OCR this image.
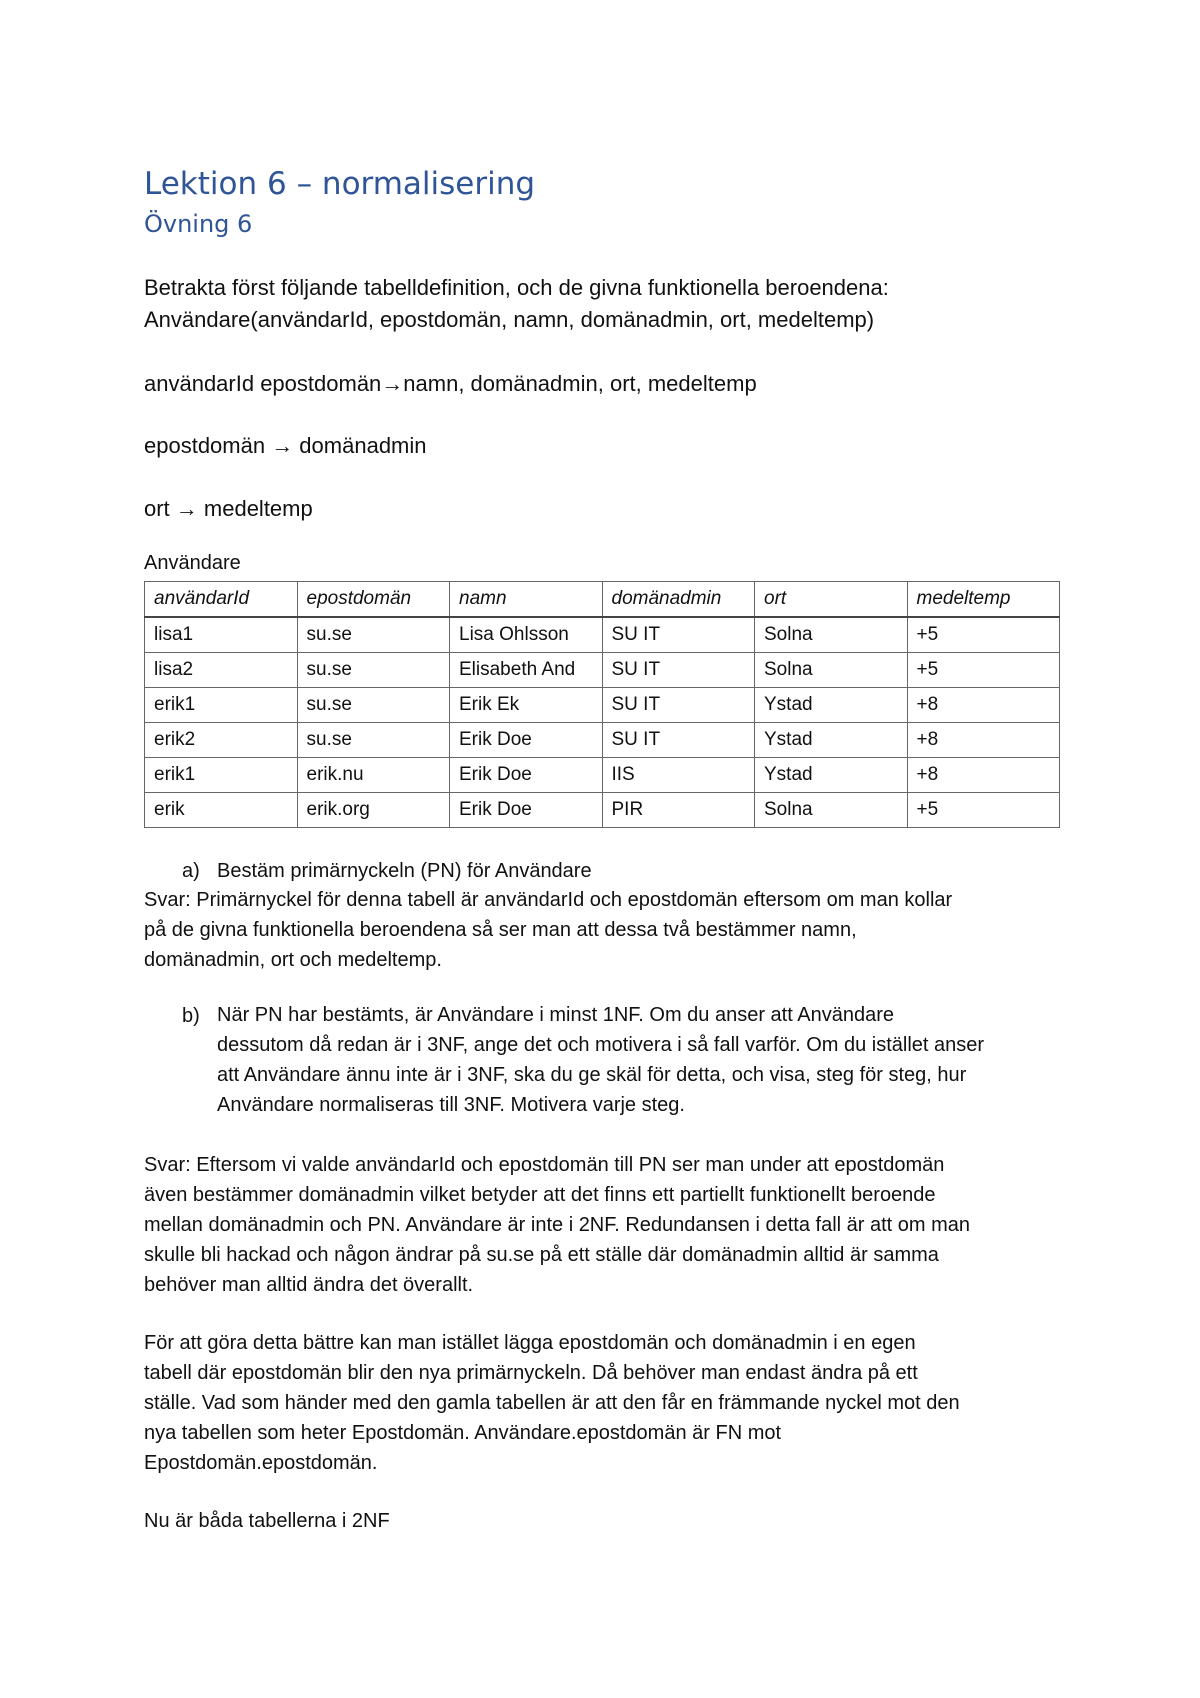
Lektion 6 – normalisering
Övning 6
Betrakta först följande tabelldefinition, och de givna funktionella beroendena:
Användare(användarId, epostdomän, namn, domänadmin, ort, medeltemp)
användarId epostdomän→namn, domänadmin, ort, medeltemp
epostdomän → domänadmin
ort → medeltemp
Användare
användarId	epostdomän	namn	domänadmin	ort	medeltemp
lisa1	su.se	Lisa Ohlsson	SU IT	Solna	+5
lisa2	su.se	Elisabeth And	SU IT	Solna	+5
erik1	su.se	Erik Ek	SU IT	Ystad	+8
erik2	su.se	Erik Doe	SU IT	Ystad	+8
erik1	erik.nu	Erik Doe	IIS	Ystad	+8
erik	erik.org	Erik Doe	PIR	Solna	+5
a) Bestäm primärnyckeln (PN) för Användare
Svar: Primärnyckel för denna tabell är användarId och epostdomän eftersom om man kollar
på de givna funktionella beroendena så ser man att dessa två bestämmer namn,
domänadmin, ort och medeltemp.
b) När PN har bestämts, är Användare i minst 1NF. Om du anser att Användare
dessutom då redan är i 3NF, ange det och motivera i så fall varför. Om du istället anser
att Användare ännu inte är i 3NF, ska du ge skäl för detta, och visa, steg för steg, hur
Användare normaliseras till 3NF. Motivera varje steg.
Svar: Eftersom vi valde användarId och epostdomän till PN ser man under att epostdomän
även bestämmer domänadmin vilket betyder att det finns ett partiellt funktionellt beroende
mellan domänadmin och PN. Användare är inte i 2NF. Redundansen i detta fall är att om man
skulle bli hackad och någon ändrar på su.se på ett ställe där domänadmin alltid är samma
behöver man alltid ändra det överallt.
För att göra detta bättre kan man istället lägga epostdomän och domänadmin i en egen
tabell där epostdomän blir den nya primärnyckeln. Då behöver man endast ändra på ett
ställe. Vad som händer med den gamla tabellen är att den får en främmande nyckel mot den
nya tabellen som heter Epostdomän. Användare.epostdomän är FN mot
Epostdomän.epostdomän.
Nu är båda tabellerna i 2NF
